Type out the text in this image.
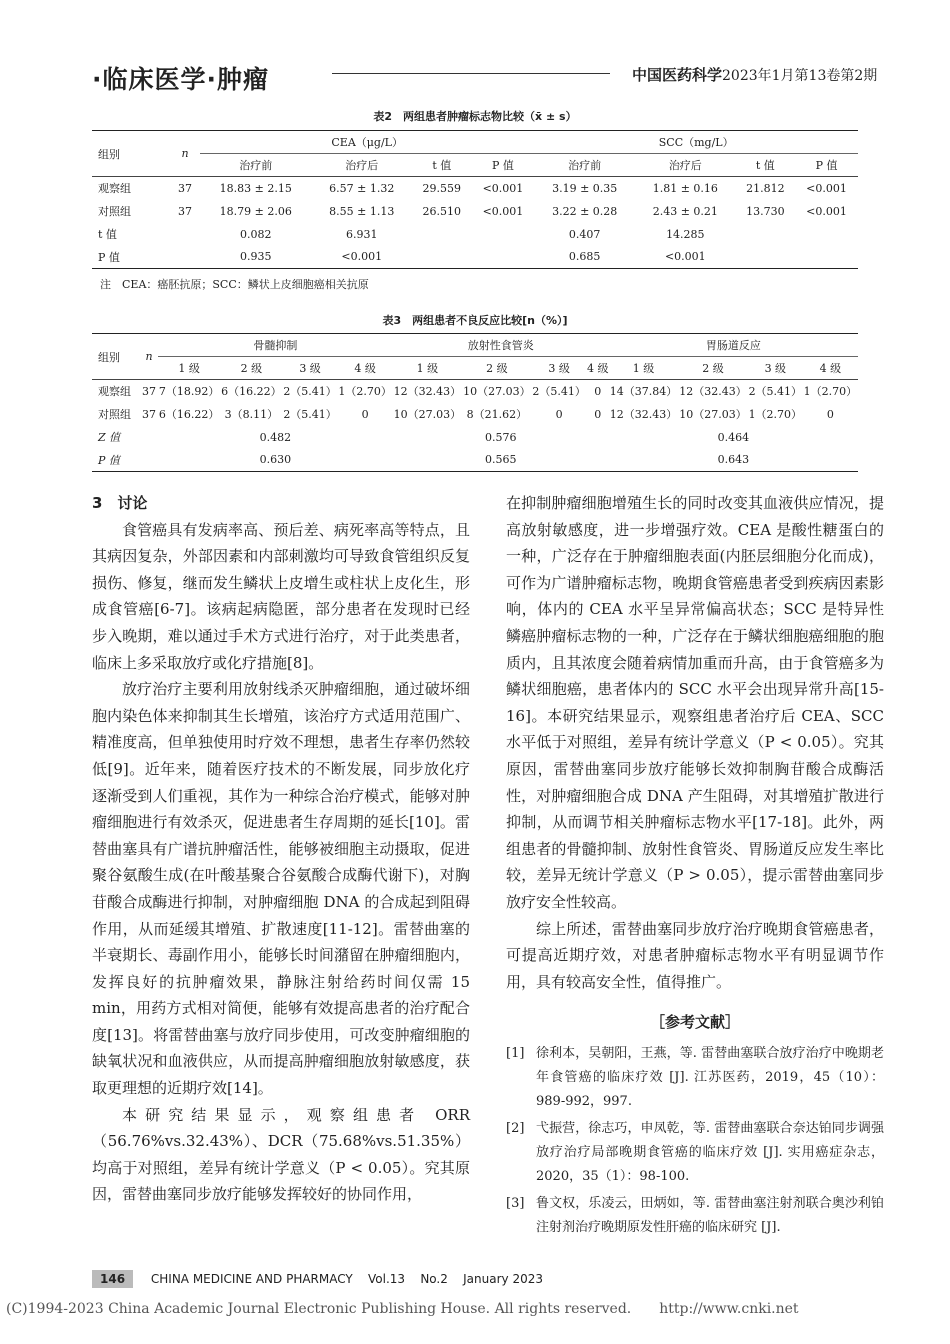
·临床医学·肿瘤	中国医药科学 2023年1月第13卷第2期
表2　两组患者肿瘤标志物比较（x̄ ± s）
组别	n	CEA（μg/L）				SCC（mg/L）			
		治疗前	治疗后	t 值	P 值	治疗前	治疗后	t 值	P 值
观察组	37	18.83 ± 2.15	6.57 ± 1.32	29.559	<0.001	3.19 ± 0.35	1.81 ± 0.16	21.812	<0.001
对照组	37	18.79 ± 2.06	8.55 ± 1.13	26.510	<0.001	3.22 ± 0.28	2.43 ± 0.21	13.730	<0.001
t 值		0.082	6.931			0.407	14.285		
P 值		0.935	<0.001			0.685	<0.001		
注　CEA：癌胚抗原；SCC：鳞状上皮细胞癌相关抗原
表3　两组患者不良反应比较[n（%）]
组别	n	骨髓抑制				放射性食管炎				胃肠道反应			
		1 级	2 级	3 级	4 级	1 级	2 级	3 级	4 级	1 级	2 级	3 级	4 级
观察组	37	7（18.92）	6（16.22）	2（5.41）	1（2.70）	12（32.43）	10（27.03）	2（5.41）	0	14（37.84）	12（32.43）	2（5.41）	1（2.70）
对照组	37	6（16.22）	3（8.11）	2（5.41）	0	10（27.03）	8（21.62）	0	0	12（32.43）	10（27.03）	1（2.70）	0
Z 值		0.482				0.576				0.464			
P 值		0.630				0.565				0.643			

3　讨论

食管癌具有发病率高、预后差、病死率高等特点，且其病因复杂，外部因素和内部刺激均可导致食管组织反复损伤、修复，继而发生鳞状上皮增生或柱状上皮化生，形成食管癌[6-7]。该病起病隐匿，部分患者在发现时已经步入晚期，难以通过手术方式进行治疗，对于此类患者，临床上多采取放疗或化疗措施[8]。

放疗治疗主要利用放射线杀灭肿瘤细胞，通过破坏细胞内染色体来抑制其生长增殖，该治疗方式适用范围广、精准度高，但单独使用时疗效不理想，患者生存率仍然较低[9]。近年来，随着医疗技术的不断发展，同步放化疗逐渐受到人们重视，其作为一种综合治疗模式，能够对肿瘤细胞进行有效杀灭，促进患者生存周期的延长[10]。雷替曲塞具有广谱抗肿瘤活性，能够被细胞主动摄取，促进聚谷氨酸生成(在叶酸基聚合谷氨酸合成酶代谢下)，对胸苷酸合成酶进行抑制，对肿瘤细胞 DNA 的合成起到阻碍作用，从而延缓其增殖、扩散速度[11-12]。雷替曲塞的半衰期长、毒副作用小，能够长时间潴留在肿瘤细胞内，发挥良好的抗肿瘤效果，静脉注射给药时间仅需 15 min，用药方式相对简便，能够有效提高患者的治疗配合度[13]。将雷替曲塞与放疗同步使用，可改变肿瘤细胞的缺氧状况和血液供应，从而提高肿瘤细胞放射敏感度，获取更理想的近期疗效[14]。

本研究结果显示，观察组患者 ORR（56.76%vs.32.43%）、DCR（75.68%vs.51.35%）均高于对照组，差异有统计学意义（P < 0.05）。究其原因，雷替曲塞同步放疗能够发挥较好的协同作用，

在抑制肿瘤细胞增殖生长的同时改变其血液供应情况，提高放射敏感度，进一步增强疗效。CEA 是酸性糖蛋白的一种，广泛存在于肿瘤细胞表面(内胚层细胞分化而成)，可作为广谱肿瘤标志物，晚期食管癌患者受到疾病因素影响，体内的 CEA 水平呈异常偏高状态；SCC 是特异性鳞癌肿瘤标志物的一种，广泛存在于鳞状细胞癌细胞的胞质内，且其浓度会随着病情加重而升高，由于食管癌多为鳞状细胞癌，患者体内的 SCC 水平会出现异常升高[15-16]。本研究结果显示，观察组患者治疗后 CEA、SCC 水平低于对照组，差异有统计学意义（P < 0.05）。究其原因，雷替曲塞同步放疗能够长效抑制胸苷酸合成酶活性，对肿瘤细胞合成 DNA 产生阻碍，对其增殖扩散进行抑制，从而调节相关肿瘤标志物水平[17-18]。此外，两组患者的骨髓抑制、放射性食管炎、胃肠道反应发生率比较，差异无统计学意义（P > 0.05），提示雷替曲塞同步放疗安全性较高。

综上所述，雷替曲塞同步放疗治疗晚期食管癌患者，可提高近期疗效，对患者肿瘤标志物水平有明显调节作用，具有较高安全性，值得推广。

［参考文献］
[1] 徐利本，吴朝阳，王燕，等. 雷替曲塞联合放疗治疗中晚期老年食管癌的临床疗效 [J]. 江苏医药，2019，45（10）：989-992，997.
[2] 弋振营，徐志巧，申凤乾，等. 雷替曲塞联合奈达铂同步调强放疗治疗局部晚期食管癌的临床疗效 [J]. 实用癌症杂志，2020，35（1）：98-100.
[3] 鲁文权，乐凌云，田炳如，等. 雷替曲塞注射剂联合奥沙利铂注射剂治疗晚期原发性肝癌的临床研究 [J].
146 CHINA MEDICINE AND PHARMACY Vol.13 No.2 January 2023
(C)1994-2023 China Academic Journal Electronic Publishing House. All rights reserved.　　http://www.cnki.net
